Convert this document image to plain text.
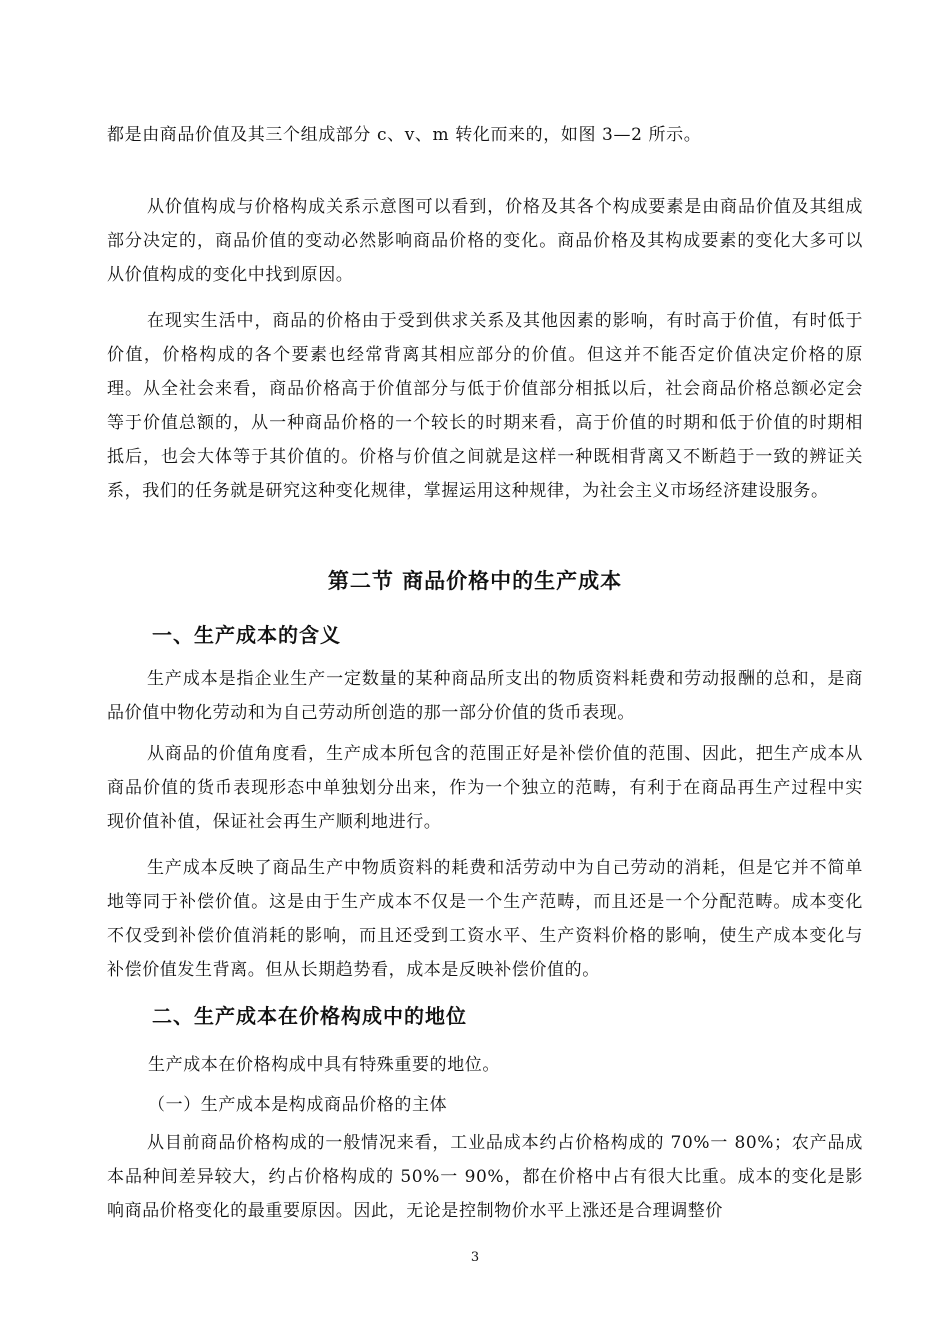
都是由商品价值及其三个组成部分 c、v、m 转化而来的，如图 3—2 所示。

从价值构成与价格构成关系示意图可以看到，价格及其各个构成要素是由商品价值及其组成部分决定的，商品价值的变动必然影响商品价格的变化。商品价格及其构成要素的变化大多可以从价值构成的变化中找到原因。

在现实生活中，商品的价格由于受到供求关系及其他因素的影响，有时高于价值，有时低于价值，价格构成的各个要素也经常背离其相应部分的价值。但这并不能否定价值决定价格的原理。从全社会来看，商品价格高于价值部分与低于价值部分相抵以后，社会商品价格总额必定会等于价值总额的，从一种商品价格的一个较长的时期来看，高于价值的时期和低于价值的时期相抵后，也会大体等于其价值的。价格与价值之间就是这样一种既相背离又不断趋于一致的辨证关系，我们的任务就是研究这种变化规律，掌握运用这种规律，为社会主义市场经济建设服务。

第二节 商品价格中的生产成本
一、生产成本的含义

生产成本是指企业生产一定数量的某种商品所支出的物质资料耗费和劳动报酬的总和，是商品价值中物化劳动和为自己劳动所创造的那一部分价值的货币表现。

从商品的价值角度看，生产成本所包含的范围正好是补偿价值的范围、因此，把生产成本从商品价值的货币表现形态中单独划分出来，作为一个独立的范畴，有利于在商品再生产过程中实现价值补值，保证社会再生产顺利地进行。

生产成本反映了商品生产中物质资料的耗费和活劳动中为自己劳动的消耗，但是它并不简单地等同于补偿价值。这是由于生产成本不仅是一个生产范畴，而且还是一个分配范畴。成本变化不仅受到补偿价值消耗的影响，而且还受到工资水平、生产资料价格的影响，使生产成本变化与补偿价值发生背离。但从长期趋势看，成本是反映补偿价值的。

二、生产成本在价格构成中的地位

生产成本在价格构成中具有特殊重要的地位。

（一）生产成本是构成商品价格的主体

从目前商品价格构成的一般情况来看，工业品成本约占价格构成的 70%一 80%；农产品成本品种间差异较大，约占价格构成的 50%一 90%，都在价格中占有很大比重。成本的变化是影响商品价格变化的最重要原因。因此，无论是控制物价水平上涨还是合理调整价

3
